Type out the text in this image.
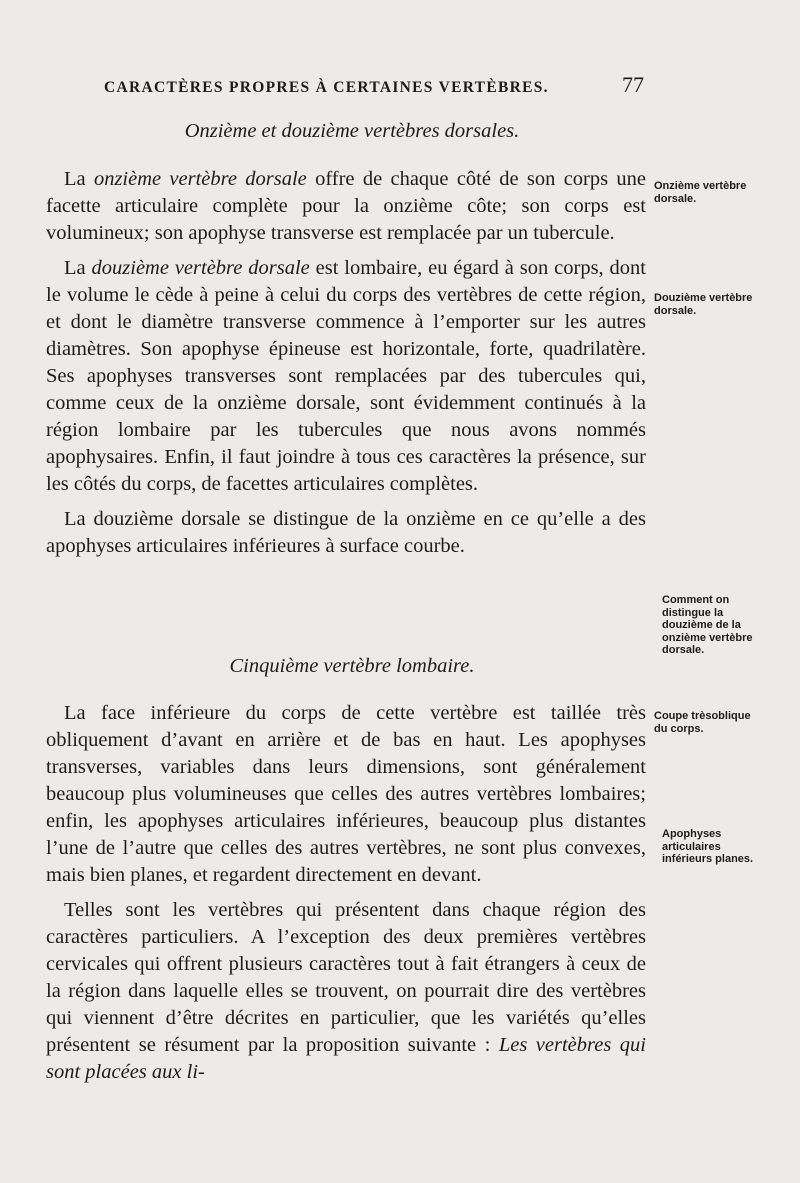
CARACTÈRES PROPRES À CERTAINES VERTÈBRES.	77
Onzième et douzième vertèbres dorsales.

La onzième vertèbre dorsale offre de chaque côté de son corps une facette articulaire complète pour la onzième côte; son corps est volumineux; son apophyse transverse est remplacée par un tubercule.

La douzième vertèbre dorsale est lombaire, eu égard à son corps, dont le volume le cède à peine à celui du corps des vertèbres de cette région, et dont le diamètre transverse commence à l’emporter sur les autres diamètres. Son apophyse épineuse est horizontale, forte, quadrilatère. Ses apophyses transverses sont remplacées par des tubercules qui, comme ceux de la onzième dorsale, sont évidemment continués à la région lombaire par les tubercules que nous avons nommés apophysaires. Enfin, il faut joindre à tous ces caractères la présence, sur les côtés du corps, de facettes articulaires complètes.

La douzième dorsale se distingue de la onzième en ce qu’elle a des apophyses articulaires inférieures à surface courbe.

Cinquième vertèbre lombaire.

La face inférieure du corps de cette vertèbre est taillée très obliquement d’avant en arrière et de bas en haut. Les apophyses transverses, variables dans leurs dimensions, sont généralement beaucoup plus volumineuses que celles des autres vertèbres lombaires; enfin, les apophyses articulaires inférieures, beaucoup plus distantes l’une de l’autre que celles des autres vertèbres, ne sont plus convexes, mais bien planes, et regardent directement en devant.

Telles sont les vertèbres qui présentent dans chaque région des caractères particuliers. A l’exception des deux premières vertèbres cervicales qui offrent plusieurs caractères tout à fait étrangers à ceux de la région dans laquelle elles se trouvent, on pourrait dire des vertèbres qui viennent d’être décrites en particulier, que les variétés qu’elles présentent se résument par la proposition suivante : Les vertèbres qui sont placées aux li-

Onzième vertèbre dorsale.
Douzième vertèbre dorsale.
Comment on distingue la douzième de la onzième vertèbre dorsale.
Coupe trèsoblique du corps.
Apophyses articulaires inférieurs planes.
